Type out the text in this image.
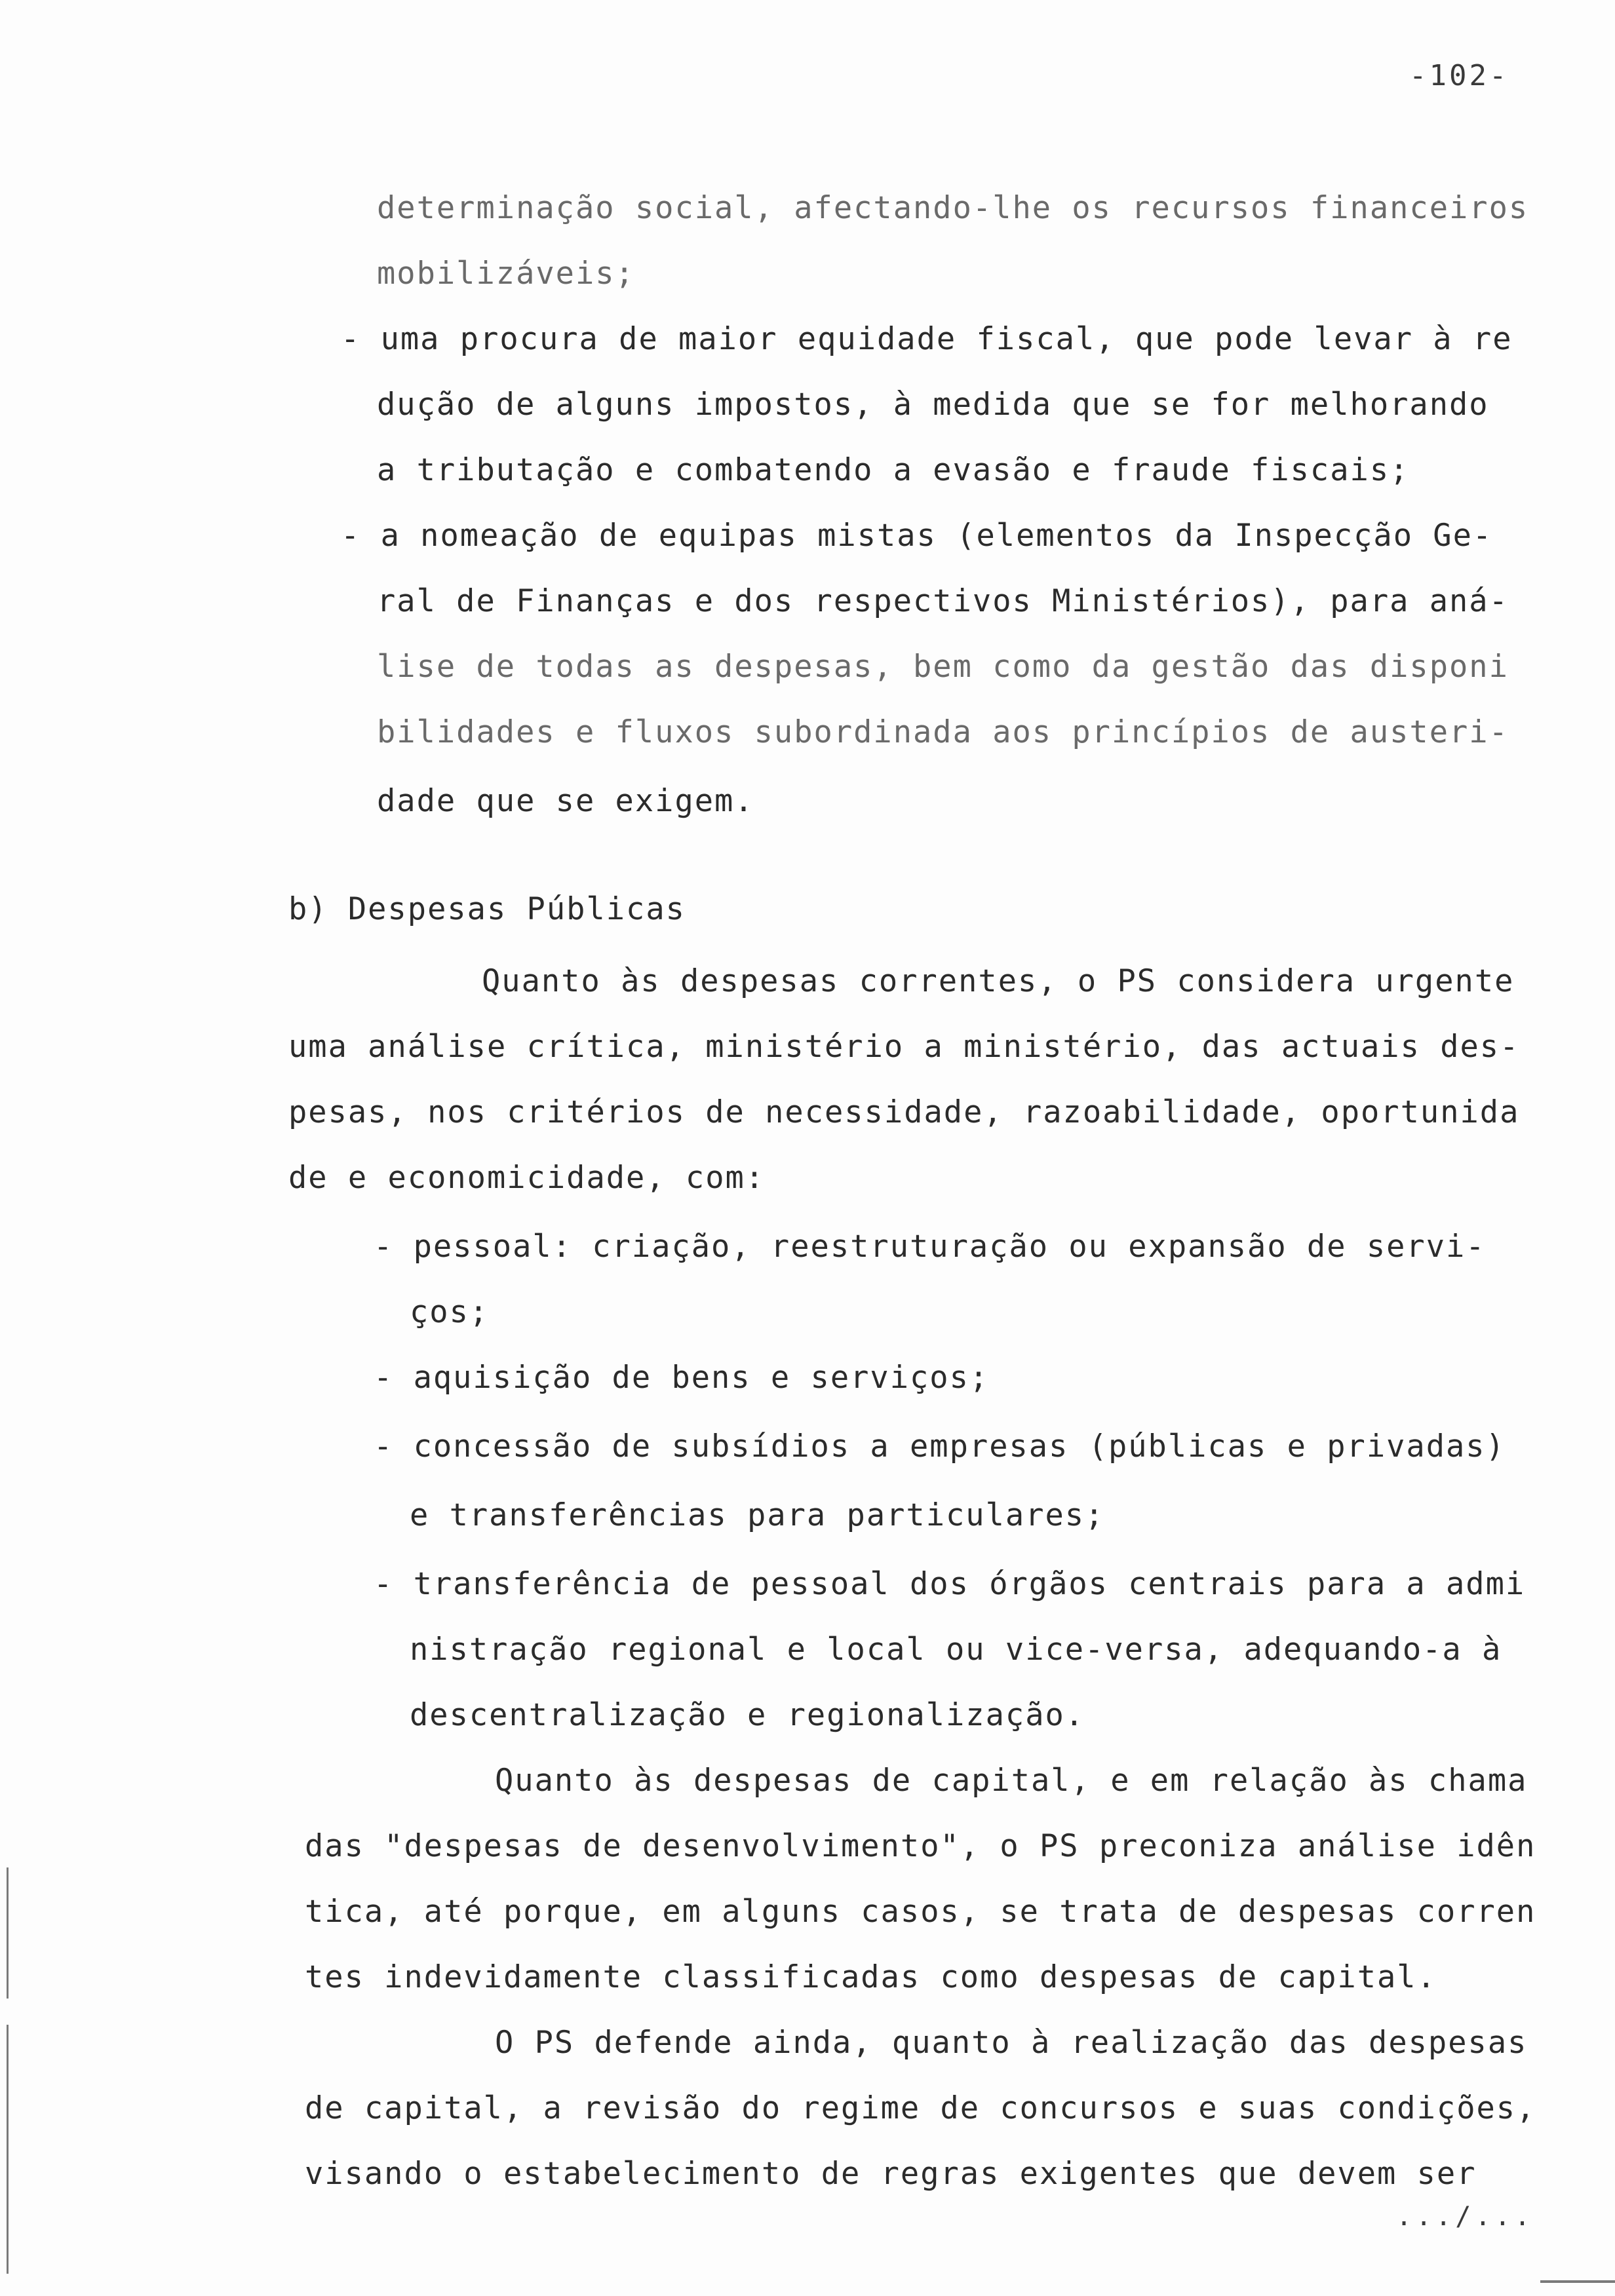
-102-
determinação social, afectando-lhe os recursos financeiros
mobilizáveis;
- uma procura de maior equidade fiscal, que pode levar à re
dução de alguns impostos, à medida que se for melhorando
a tributação e combatendo a evasão e fraude fiscais;
- a nomeação de equipas mistas (elementos da Inspecção Ge-
ral de Finanças e dos respectivos Ministérios), para aná-
lise de todas as despesas, bem como da gestão das disponi
bilidades e fluxos subordinada aos princípios de austeri-
dade que se exigem.
b) Despesas Públicas
Quanto às despesas correntes, o PS considera urgente
uma análise crítica, ministério a ministério, das actuais des-
pesas, nos critérios de necessidade, razoabilidade, oportunida
de e economicidade, com:
- pessoal: criação, reestruturação ou expansão de servi-
ços;
- aquisição de bens e serviços;
- concessão de subsídios a empresas (públicas e privadas)
e transferências para particulares;
- transferência de pessoal dos órgãos centrais para a admi
nistração regional e local ou vice-versa, adequando-a à
descentralização e regionalização.
Quanto às despesas de capital, e em relação às chama
das "despesas de desenvolvimento", o PS preconiza análise idên
tica, até porque, em alguns casos, se trata de despesas corren
tes indevidamente classificadas como despesas de capital.
O PS defende ainda, quanto à realização das despesas
de capital, a revisão do regime de concursos e suas condições,
visando o estabelecimento de regras exigentes que devem ser
.../...
